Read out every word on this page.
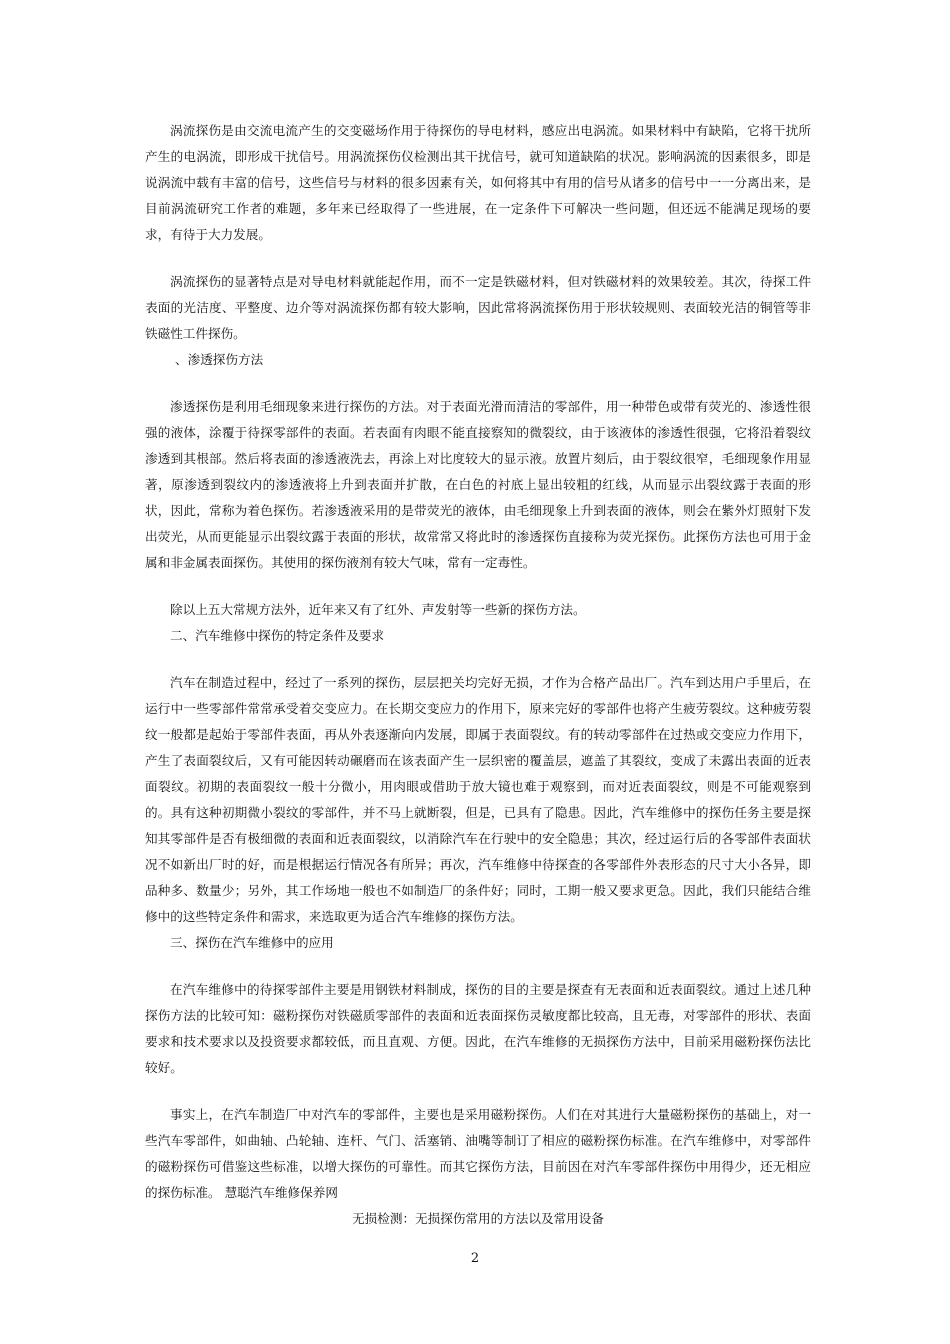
涡流探伤是由交流电流产生的交变磁场作用于待探伤的导电材料，感应出电涡流。如果材料中有缺陷，它将干扰所产生的电涡流，即形成干扰信号。用涡流探伤仪检测出其干扰信号，就可知道缺陷的状况。影响涡流的因素很多，即是说涡流中载有丰富的信号，这些信号与材料的很多因素有关，如何将其中有用的信号从诸多的信号中一一分离出来，是目前涡流研究工作者的难题，多年来已经取得了一些进展，在一定条件下可解决一些问题，但还远不能满足现场的要求，有待于大力发展。

涡流探伤的显著特点是对导电材料就能起作用，而不一定是铁磁材料，但对铁磁材料的效果较差。其次，待探工件表面的光洁度、平整度、边介等对涡流探伤都有较大影响，因此常将涡流探伤用于形状较规则、表面较光洁的铜管等非铁磁性工件探伤。

、渗透探伤方法

渗透探伤是利用毛细现象来进行探伤的方法。对于表面光滑而清洁的零部件，用一种带色或带有荧光的、渗透性很强的液体，涂覆于待探零部件的表面。若表面有肉眼不能直接察知的微裂纹，由于该液体的渗透性很强，它将沿着裂纹渗透到其根部。然后将表面的渗透液洗去，再涂上对比度较大的显示液。放置片刻后，由于裂纹很窄，毛细现象作用显著，原渗透到裂纹内的渗透液将上升到表面并扩散，在白色的衬底上显出较粗的红线，从而显示出裂纹露于表面的形状，因此，常称为着色探伤。若渗透液采用的是带荧光的液体，由毛细现象上升到表面的液体，则会在紫外灯照射下发出荧光，从而更能显示出裂纹露于表面的形状，故常常又将此时的渗透探伤直接称为荧光探伤。此探伤方法也可用于金属和非金属表面探伤。其使用的探伤液剂有较大气味，常有一定毒性。

除以上五大常规方法外，近年来又有了红外、声发射等一些新的探伤方法。

二、汽车维修中探伤的特定条件及要求

汽车在制造过程中，经过了一系列的探伤，层层把关均完好无损，才作为合格产品出厂。汽车到达用户手里后，在运行中一些零部件常常承受着交变应力。在长期交变应力的作用下，原来完好的零部件也将产生疲劳裂纹。这种疲劳裂纹一般都是起始于零部件表面，再从外表逐渐向内发展，即属于表面裂纹。有的转动零部件在过热或交变应力作用下，产生了表面裂纹后，又有可能因转动碾磨而在该表面产生一层织密的覆盖层，遮盖了其裂纹，变成了未露出表面的近表面裂纹。初期的表面裂纹一般十分微小，用肉眼或借助于放大镜也难于观察到，而对近表面裂纹，则是不可能观察到的。具有这种初期微小裂纹的零部件，并不马上就断裂，但是，已具有了隐患。因此，汽车维修中的探伤任务主要是探知其零部件是否有极细微的表面和近表面裂纹，以消除汽车在行驶中的安全隐患；其次，经过运行后的各零部件表面状况不如新出厂时的好，而是根据运行情况各有所异；再次，汽车维修中待探查的各零部件外表形态的尺寸大小各异，即品种多、数量少；另外，其工作场地一般也不如制造厂的条件好；同时，工期一般又要求更急。因此，我们只能结合维修中的这些特定条件和需求，来选取更为适合汽车维修的探伤方法。

三、探伤在汽车维修中的应用

在汽车维修中的待探零部件主要是用钢铁材料制成，探伤的目的主要是探查有无表面和近表面裂纹。通过上述几种探伤方法的比较可知：磁粉探伤对铁磁质零部件的表面和近表面探伤灵敏度都比较高，且无毒，对零部件的形状、表面要求和技术要求以及投资要求都较低，而且直观、方便。因此，在汽车维修的无损探伤方法中，目前采用磁粉探伤法比较好。

事实上，在汽车制造厂中对汽车的零部件，主要也是采用磁粉探伤。人们在对其进行大量磁粉探伤的基础上，对一些汽车零部件，如曲轴、凸轮轴、连杆、气门、活塞销、油嘴等制订了相应的磁粉探伤标准。在汽车维修中，对零部件的磁粉探伤可借鉴这些标准，以增大探伤的可靠性。而其它探伤方法，目前因在对汽车零部件探伤中用得少，还无相应的探伤标准。 慧聪汽车维修保养网

无损检测：无损探伤常用的方法以及常用设备

2
